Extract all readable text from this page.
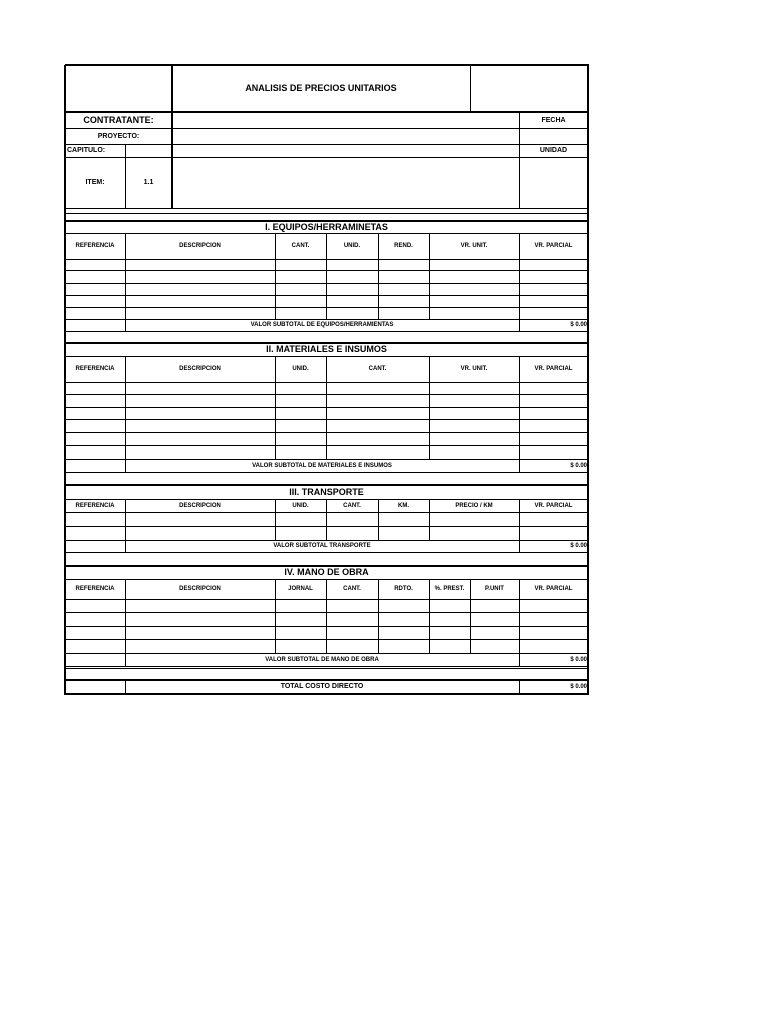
ANALISIS DE PRECIOS UNITARIOS
CONTRATANTE:	FECHA
PROYECTO:
CAPITULO:	UNIDAD
ITEM:	1.1
I. EQUIPOS/HERRAMINETAS
REFERENCIA	DESCRIPCION	CANT.	UNID.	REND.	VR. UNIT.	VR. PARCIAL
VALOR SUBTOTAL DE EQUIPOS/HERRAMIENTAS	$ 0.00
II. MATERIALES E INSUMOS
REFERENCIA	DESCRIPCION	UNID.	CANT.	VR. UNIT.	VR. PARCIAL
VALOR SUBTOTAL DE MATERIALES E INSUMOS	$ 0.00
III. TRANSPORTE
REFERENCIA	DESCRIPCION	UNID.	CANT.	KM.	PRECIO / KM	VR. PARCIAL
VALOR SUBTOTAL TRANSPORTE	$ 0.00
IV. MANO DE OBRA
REFERENCIA	DESCRIPCION	JORNAL	CANT.	RDTO.	%. PREST.	P.UNIT	VR. PARCIAL
VALOR SUBTOTAL DE MANO DE OBRA	$ 0.00
TOTAL COSTO DIRECTO	$ 0.00
